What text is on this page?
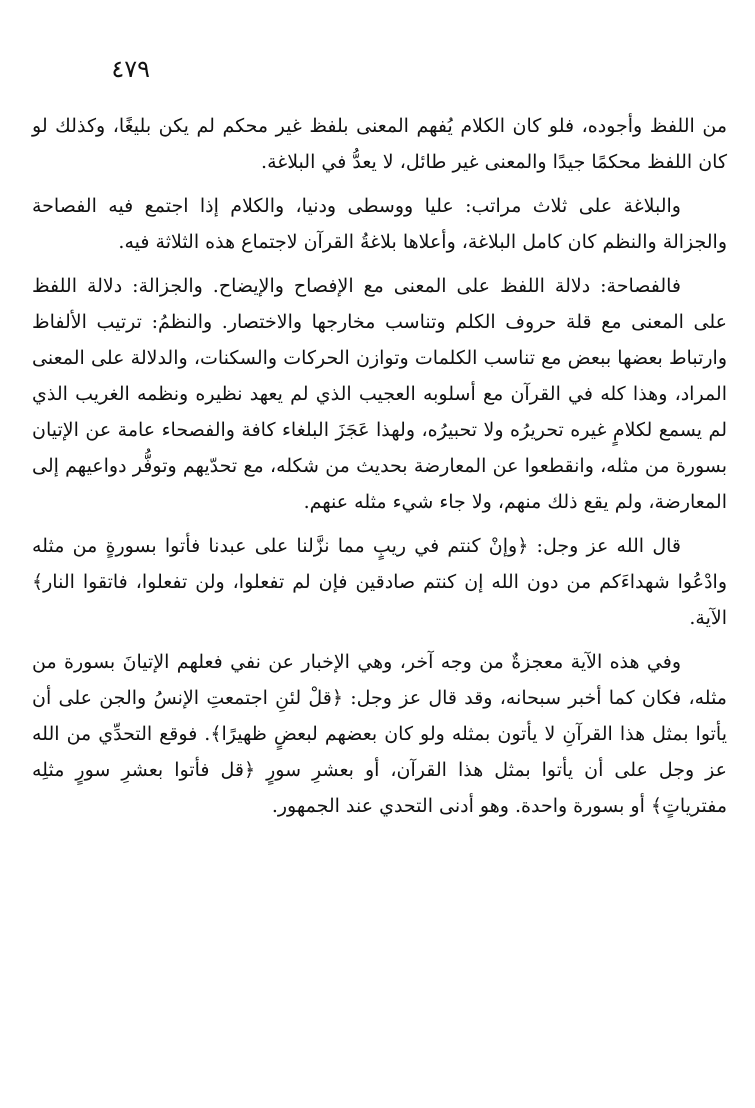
٤٧٩

من اللفظ وأجوده، فلو كان الكلام يُفهم المعنى بلفظ غير محكم لم يكن بليغًا، وكذلك لو كان اللفظ محكمًا جيدًا والمعنى غير طائل، لا يعدُّ في البلاغة.

والبلاغة على ثلاث مراتب: عليا ووسطى ودنيا، والكلام إذا اجتمع فيه الفصاحة والجزالة والنظم كان كامل البلاغة، وأعلاها بلاغةُ القرآن لاجتماع هذه الثلاثة فيه.

فالفصاحة: دلالة اللفظ على المعنى مع الإفصاح والإيضاح. والجزالة: دلالة اللفظ على المعنى مع قلة حروف الكلم وتناسب مخارجها والاختصار. والنظمُ: ترتيب الألفاظ وارتباط بعضها ببعض مع تناسب الكلمات وتوازن الحركات والسكنات، والدلالة على المعنى المراد، وهذا كله في القرآن مع أسلوبه العجيب الذي لم يعهد نظيره ونظمه الغريب الذي لم يسمع لكلامٍ غيره تحريرُه ولا تحبيرُه، ولهذا عَجَزَ البلغاء كافة والفصحاء عامة عن الإتيان بسورة من مثله، وانقطعوا عن المعارضة بحديث من شكله، مع تحدّيهم وتوفُّر دواعيهم إلى المعارضة، ولم يقع ذلك منهم، ولا جاء شيء مثله عنهم.

قال الله عز وجل: ﴿وإنْ كنتم في ريبٍ مما نزَّلنا على عبدنا فأتوا بسورةٍ من مثله وادْعُوا شهداءَكم من دون الله إن كنتم صادقين فإن لم تفعلوا، ولن تفعلوا، فاتقوا النار﴾ الآية.

وفي هذه الآية معجزةٌ من وجه آخر، وهي الإخبار عن نفي فعلهم الإتيانَ بسورة من مثله، فكان كما أخبر سبحانه، وقد قال عز وجل: ﴿قلْ لئنِ اجتمعتِ الإنسُ والجن على أن يأتوا بمثل هذا القرآنِ لا يأتون بمثله ولو كان بعضهم لبعضٍ ظهيرًا﴾. فوقع التحدِّي من الله عز وجل على أن يأتوا بمثل هذا القرآن، أو بعشرِ سورٍ ﴿قل فأتوا بعشرِ سورٍ مثلِه مفترياتٍ﴾ أو بسورة واحدة. وهو أدنى التحدي عند الجمهور.
